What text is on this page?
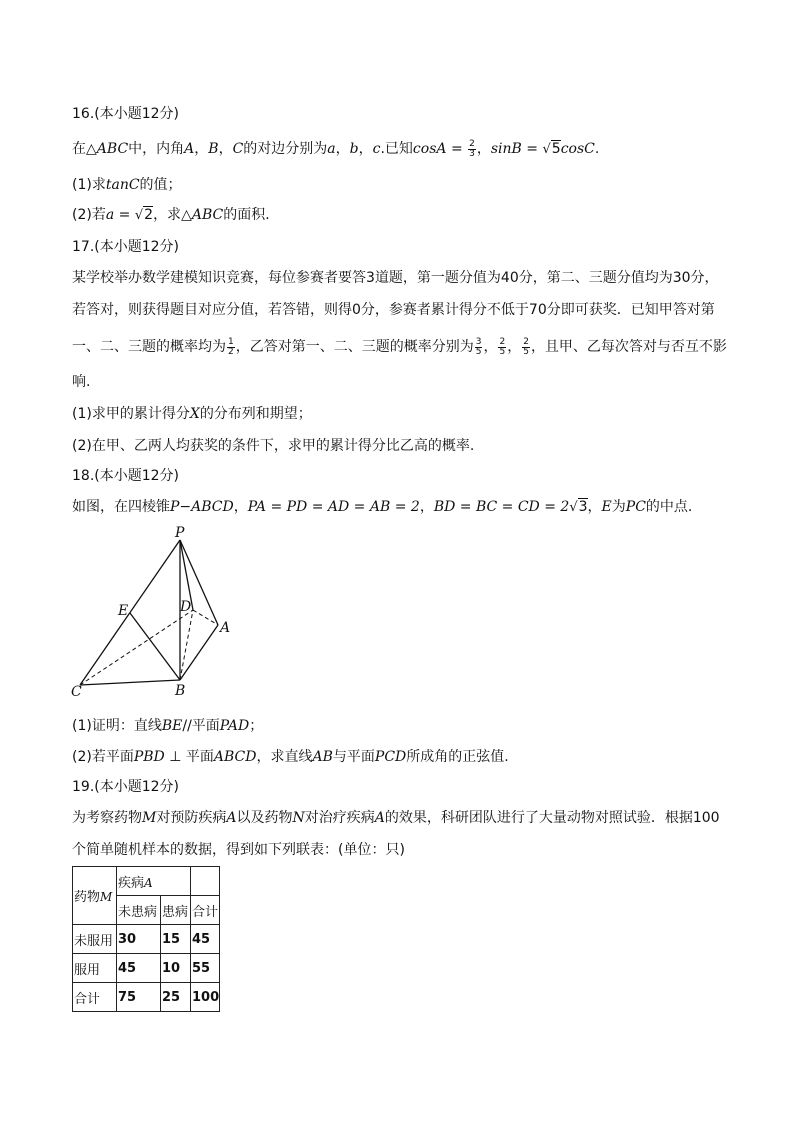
16.(本小题12分)
在△ABC中，内角A，B，C的对边分别为a，b，c.已知$\cos A = \frac{2}{3}$ ，sinB = √5cosC.
(1)求tanC的值；
(2)若a = √2，求△ABC的面积.
17.(本小题12分)
某学校举办数学建模知识竞赛，每位参赛者要答3道题，第一题分值为40分，第二、三题分值均为30分，
若答对，则获得题目对应分值，若答错，则得0分，参赛者累计得分不低于70分即可获奖．已知甲答对第
一、二、三题的概率均为 $\frac{1}{2}$ ，乙答对第一、二、三题的概率分别为 $\frac{3}{5}$ ， $\frac{2}{5}$ ， $\frac{2}{5}$ ，且甲、乙每次答对与否互不影
响.
(1)求甲的累计得分X的分布列和期望；
(2)在甲、乙两人均获奖的条件下，求甲的累计得分比乙高的概率.
18.(本小题12分)
如图，在四棱锥P−ABCD，PA = PD = AD = AB = 2，BD = BC = CD = 2√3，E为PC的中点.
P
E	D
A
C	B
(1)证明：直线BE//平面PAD；
(2)若平面PBD ⊥ 平面ABCD，求直线AB与平面PCD所成角的正弦值.
19.(本小题12分)
为考察药物M对预防疾病A以及药物N对治疗疾病A的效果，科研团队进行了大量动物对照试验．根据100
个简单随机样本的数据，得到如下列联表：(单位：只)
药物M	疾病A		
	未患病	患病	合计
未服用	30	15	45
服用	45	10	55
合计	75	25	100
